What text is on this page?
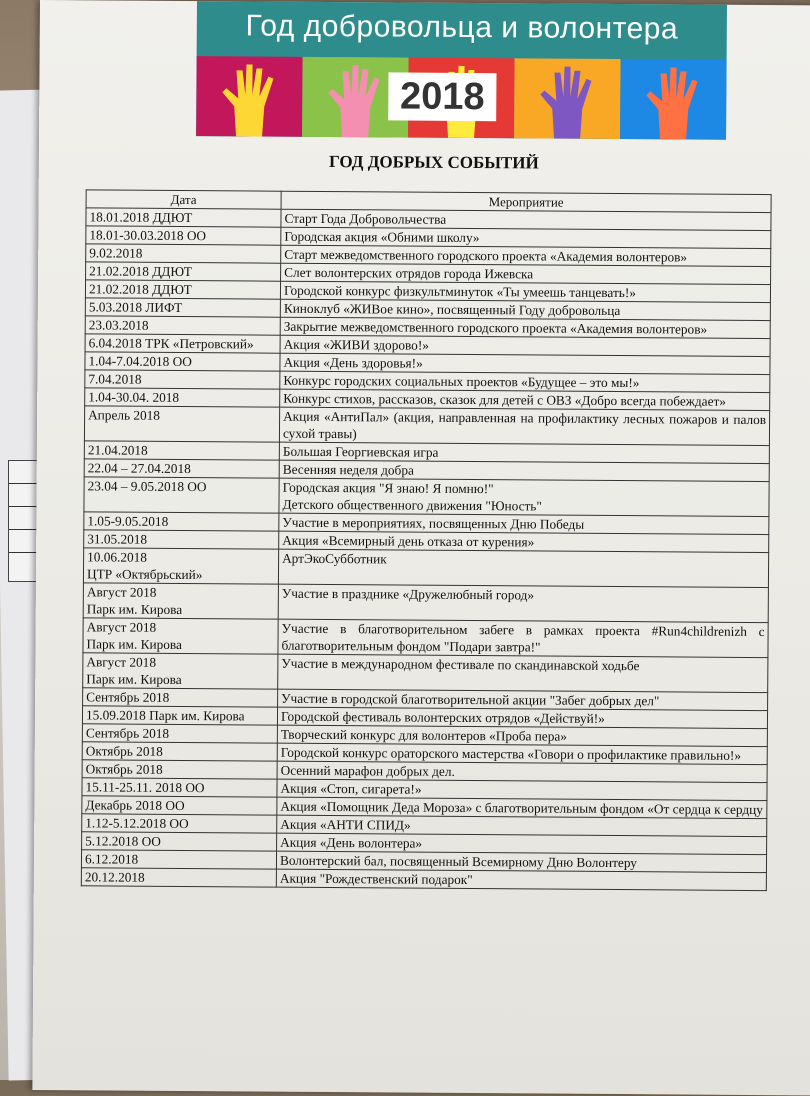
Год добровольца и волонтера
2018
ГОД ДОБРЫХ СОБЫТИЙ
Дата	Мероприятие
18.01.2018 ДДЮТ	Старт Года Добровольчества
18.01-30.03.2018 ОО	Городская акция «Обними школу»
9.02.2018	Старт межведомственного городского проекта «Академия волонтеров»
21.02.2018 ДДЮТ	Слет волонтерских отрядов города Ижевска
21.02.2018 ДДЮТ	Городской конкурс физкультминуток «Ты умеешь танцевать!»
5.03.2018 ЛИФТ	Киноклуб «ЖИВое кино», посвященный Году добровольца
23.03.2018	Закрытие межведомственного городского проекта «Академия волонтеров»
6.04.2018 ТРК «Петровский»	Акция «ЖИВИ здорово!»
1.04-7.04.2018 ОО	Акция «День здоровья!»
7.04.2018	Конкурс городских социальных проектов «Будущее – это мы!»
1.04-30.04. 2018	Конкурс стихов, рассказов, сказок для детей с ОВЗ «Добро всегда побеждает»
Апрель 2018	Акция «АнтиПал» (акция, направленная на профилактику лесных пожаров и палов сухой травы)
21.04.2018	Большая Георгиевская игра
22.04 – 27.04.2018	Весенняя неделя добра
23.04 – 9.05.2018 ОО	Городская акция "Я знаю! Я помню!"
Детского общественного движения "Юность"
1.05-9.05.2018	Участие в мероприятиях, посвященных Дню Победы
31.05.2018	Акция «Всемирный день отказа от курения»
10.06.2018
ЦТР «Октябрьский»	АртЭкоСубботник
Август 2018
Парк им. Кирова	Участие в празднике «Дружелюбный город»
Август 2018
Парк им. Кирова	Участие в благотворительном забеге в рамках проекта #Run4childrenizh с благотворительным фондом "Подари завтра!"
Август 2018
Парк им. Кирова	Участие в международном фестивале по скандинавской ходьбе
Сентябрь 2018	Участие в городской благотворительной акции "Забег добрых дел"
15.09.2018 Парк им. Кирова	Городской фестиваль волонтерских отрядов «Действуй!»
Сентябрь 2018	Творческий конкурс для волонтеров «Проба пера»
Октябрь 2018	Городской конкурс ораторского мастерства «Говори о профилактике правильно!»
Октябрь 2018	Осенний марафон добрых дел.
15.11-25.11. 2018 ОО	Акция «Стоп, сигарета!»
Декабрь 2018 ОО	Акция «Помощник Деда Мороза» с благотворительным фондом «От сердца к сердцу
1.12-5.12.2018 ОО	Акция «АНТИ СПИД»
5.12.2018 ОО	Акция «День волонтера»
6.12.2018	Волонтерский бал, посвященный Всемирному Дню Волонтеру
20.12.2018	Акция "Рождественский подарок"
